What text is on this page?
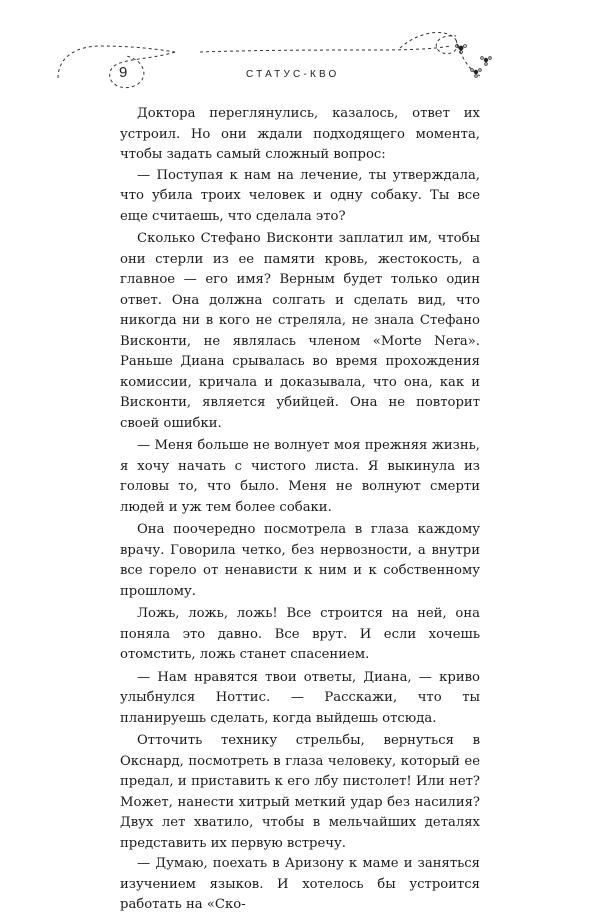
9	СТАТУС-КВО

Доктора переглянулись, казалось, ответ их устроил. Но они ждали подходящего момента, чтобы задать самый сложный вопрос:

— Поступая к нам на лечение, ты утверждала, что убила троих человек и одну собаку. Ты все еще считаешь, что сделала это?

Сколько Стефано Висконти заплатил им, чтобы они стерли из ее памяти кровь, жестокость, а главное — его имя? Верным будет только один ответ. Она должна солгать и сделать вид, что никогда ни в кого не стреляла, не знала Стефано Висконти, не являлась членом «Morte Nera». Раньше Диана срывалась во время прохождения комиссии, кричала и доказывала, что она, как и Висконти, является убийцей. Она не повторит своей ошибки.

— Меня больше не волнует моя прежняя жизнь, я хочу начать с чистого листа. Я выкинула из головы то, что было. Меня не волнуют смерти людей и уж тем более собаки.

Она поочередно посмотрела в глаза каждому врачу. Говорила четко, без нервозности, а внутри все горело от ненависти к ним и к собственному прошлому.

Ложь, ложь, ложь! Все строится на ней, она поняла это давно. Все врут. И если хочешь отомстить, ложь станет спасением.

— Нам нравятся твои ответы, Диана, — криво улыбнулся Ноттис. — Расскажи, что ты планируешь сделать, когда выйдешь отсюда.

Отточить технику стрельбы, вернуться в Окснард, посмотреть в глаза человеку, который ее предал, и приставить к его лбу пистолет! Или нет? Может, нанести хитрый меткий удар без насилия? Двух лет хватило, чтобы в мельчайших деталях представить их первую встречу.

— Думаю, поехать в Аризону к маме и заняться изучением языков. И хотелось бы устроится работать на «Ско-
